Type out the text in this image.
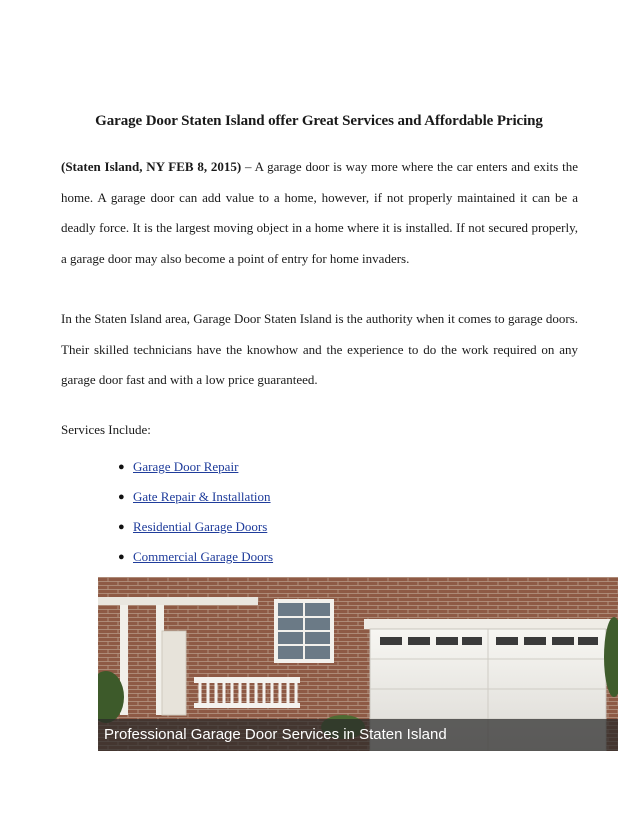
Garage Door Staten Island offer Great Services and Affordable Pricing

(Staten Island, NY FEB 8, 2015) – A garage door is way more where the car enters and exits the home. A garage door can add value to a home, however, if not properly maintained it can be a deadly force. It is the largest moving object in a home where it is installed. If not secured properly, a garage door may also become a point of entry for home invaders.

In the Staten Island area, Garage Door Staten Island is the authority when it comes to garage doors. Their skilled technicians have the knowhow and the experience to do the work required on any garage door fast and with a low price guaranteed.

Services Include:
● Garage Door Repair
● Gate Repair & Installation
● Residential Garage Doors
● Commercial Garage Doors
Professional Garage Door Services in Staten Island
